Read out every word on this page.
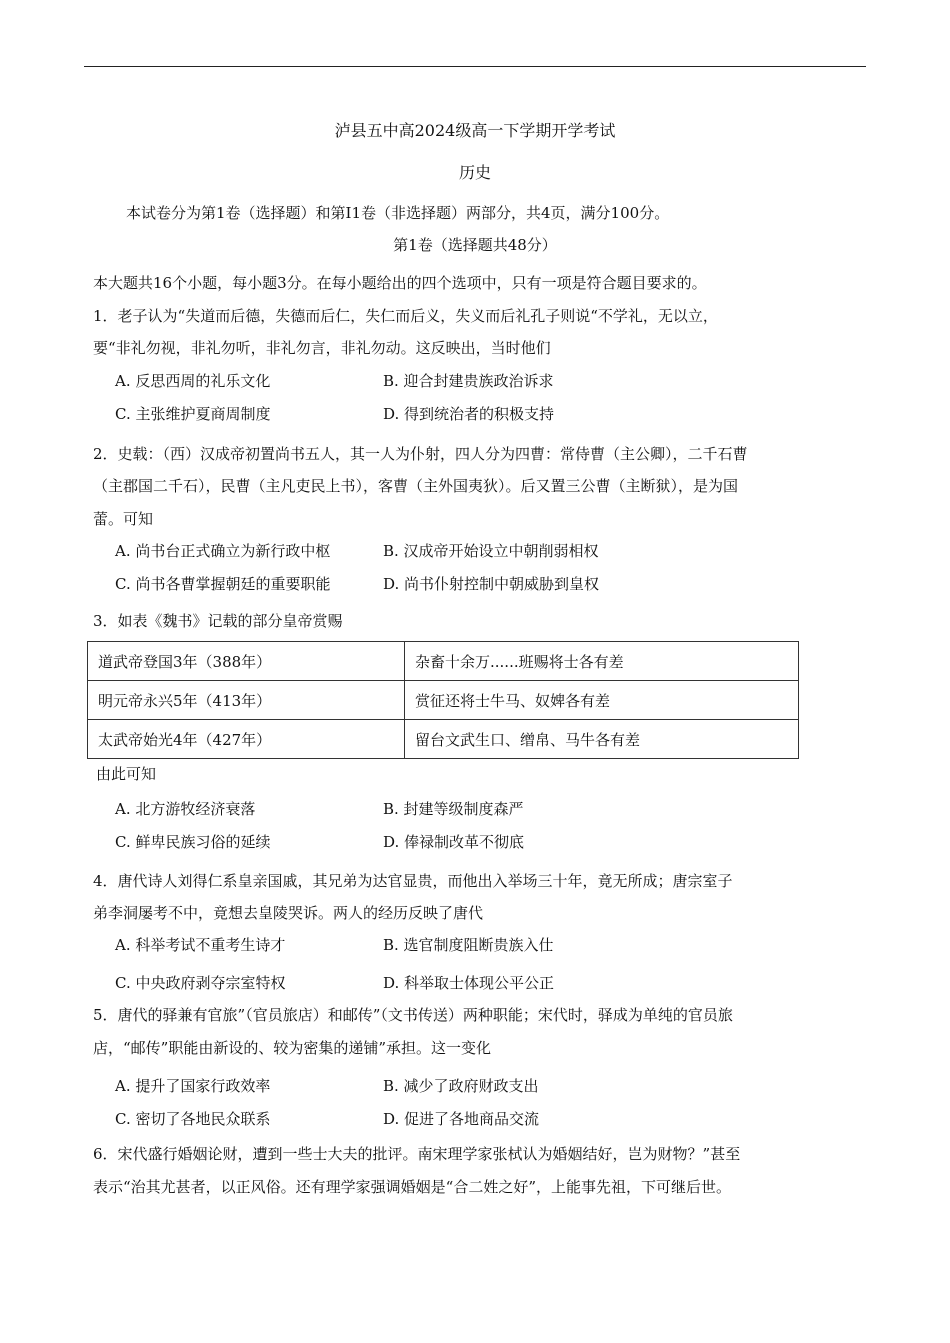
泸县五中高2024级高一下学期开学考试
历史
本试卷分为第1卷（选择题）和第I1卷（非选择题）两部分，共4页，满分100分。
第1卷（选择题共48分）
本大题共16个小题，每小题3分。在每小题给出的四个选项中，只有一项是符合题目要求的。
1．老子认为“失道而后德，失德而后仁，失仁而后义，失义而后礼孔子则说“不学礼，无以立，
要“非礼勿视，非礼勿听，非礼勿言，非礼勿动。这反映出，当时他们
A. 反思西周的礼乐文化	B. 迎合封建贵族政治诉求
C. 主张维护夏商周制度	D. 得到统治者的积极支持
2．史载：（西）汉成帝初置尚书五人，其一人为仆射，四人分为四曹：常侍曹（主公卿），二千石曹
（主郡国二千石），民曹（主凡吏民上书），客曹（主外国夷狄）。后又置三公曹（主断狱），是为国
蕾。可知
A. 尚书台正式确立为新行政中枢	B. 汉成帝开始设立中朝削弱相权
C. 尚书各曹掌握朝廷的重要职能	D. 尚书仆射控制中朝威胁到皇权
3．如表《魏书》记载的部分皇帝赏赐
道武帝登国3年（388年）	杂畜十余万......班赐将士各有差
明元帝永兴5年（413年）	赏征还将士牛马、奴婢各有差
太武帝始光4年（427年）	留台文武生口、缯帛、马牛各有差
由此可知
A. 北方游牧经济衰落	B. 封建等级制度森严
C. 鲜卑民族习俗的延续	D. 俸禄制改革不彻底
4．唐代诗人刘得仁系皇亲国戚，其兄弟为达官显贵，而他出入举场三十年，竟无所成；唐宗室子
弟李洞屡考不中，竟想去皇陵哭诉。两人的经历反映了唐代
A. 科举考试不重考生诗才	B. 选官制度阻断贵族入仕
C. 中央政府剥夺宗室特权	D. 科举取士体现公平公正
5．唐代的驿兼有官旅”（官员旅店）和邮传”（文书传送）两种职能；宋代时，驿成为单纯的官员旅
店，“邮传”职能由新设的、较为密集的递铺”承担。这一变化
A. 提升了国家行政效率	B. 减少了政府财政支出
C. 密切了各地民众联系	D. 促进了各地商品交流
6．宋代盛行婚姻论财，遭到一些士大夫的批评。南宋理学家张栻认为婚姻结好，岂为财物？”甚至
表示“治其尤甚者，以正风俗。还有理学家强调婚姻是“合二姓之好”，上能事先祖，下可继后世。
